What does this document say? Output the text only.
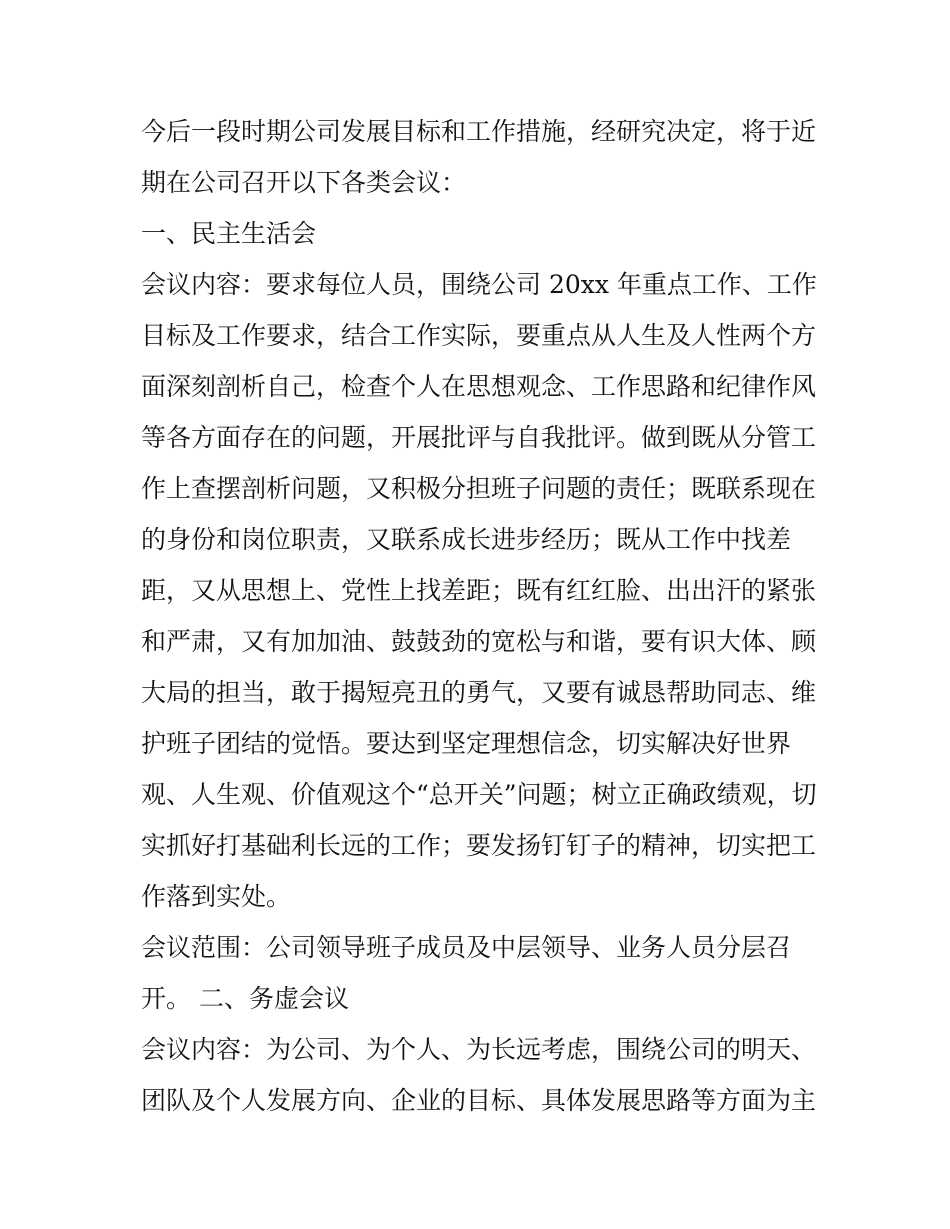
今后一段时期公司发展目标和工作措施，经研究决定，将于近
期在公司召开以下各类会议：
一、民主生活会
会议内容：要求每位人员，围绕公司 20xx 年重点工作、工作
目标及工作要求，结合工作实际，要重点从人生及人性两个方
面深刻剖析自己，检查个人在思想观念、工作思路和纪律作风
等各方面存在的问题，开展批评与自我批评。做到既从分管工
作上查摆剖析问题，又积极分担班子问题的责任；既联系现在
的身份和岗位职责，又联系成长进步经历；既从工作中找差
距，又从思想上、党性上找差距；既有红红脸、出出汗的紧张
和严肃，又有加加油、鼓鼓劲的宽松与和谐，要有识大体、顾
大局的担当，敢于揭短亮丑的勇气，又要有诚恳帮助同志、维
护班子团结的觉悟。要达到坚定理想信念，切实解决好世界
观、人生观、价值观这个“总开关”问题；树立正确政绩观，切
实抓好打基础利长远的工作；要发扬钉钉子的精神，切实把工
作落到实处。
会议范围：公司领导班子成员及中层领导、业务人员分层召
开。 二、务虚会议
会议内容：为公司、为个人、为长远考虑，围绕公司的明天、
团队及个人发展方向、企业的目标、具体发展思路等方面为主
